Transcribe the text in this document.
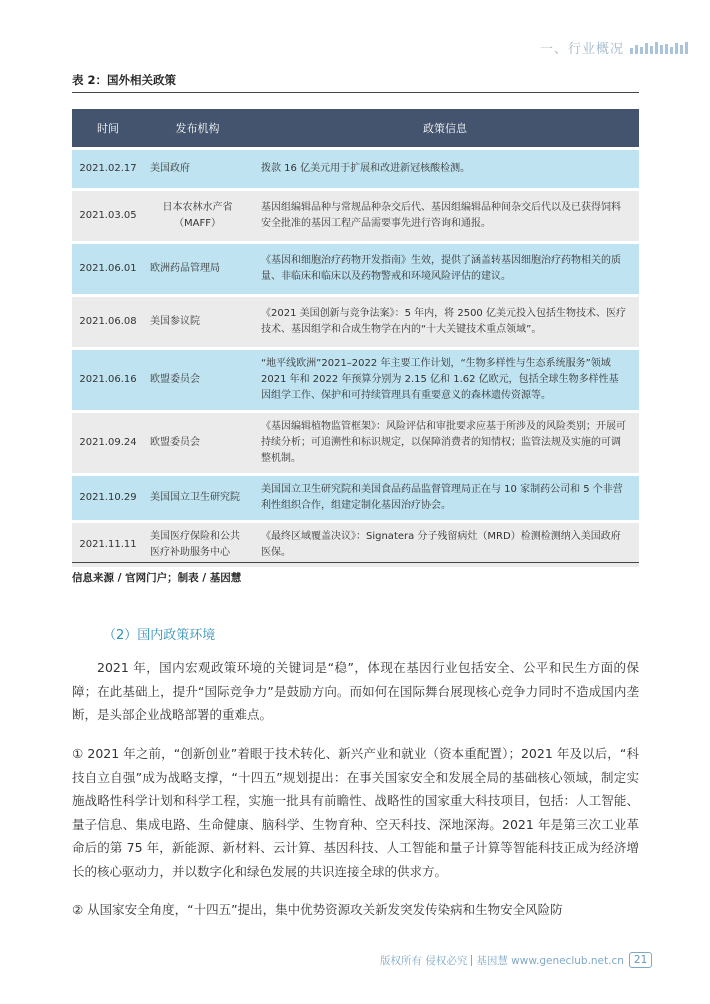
一、行业概况
表 2：国外相关政策
时间	发布机构	政策信息
2021.02.17	美国政府	拨款 16 亿美元用于扩展和改进新冠核酸检测。
2021.03.05	日本农林水产省（MAFF）	基因组编辑品种与常规品种杂交后代、基因组编辑品种间杂交后代以及已获得饲料安全批准的基因工程产品需要事先进行咨询和通报。
2021.06.01	欧洲药品管理局	《基因和细胞治疗药物开发指南》生效，提供了涵盖转基因细胞治疗药物相关的质量、非临床和临床以及药物警戒和环境风险评估的建议。
2021.06.08	美国参议院	《2021 美国创新与竞争法案》：5 年内，将 2500 亿美元投入包括生物技术、医疗技术、基因组学和合成生物学在内的“十大关键技术重点领域”。
2021.06.16	欧盟委员会	“地平线欧洲”2021–2022 年主要工作计划，“生物多样性与生态系统服务”领域 2021 年和 2022 年预算分别为 2.15 亿和 1.62 亿欧元，包括全球生物多样性基因组学工作、保护和可持续管理具有重要意义的森林遗传资源等。
2021.09.24	欧盟委员会	《基因编辑植物监管框架》：风险评估和审批要求应基于所涉及的风险类别；开展可持续分析；可追溯性和标识规定，以保障消费者的知情权；监管法规及实施的可调整机制。
2021.10.29	美国国立卫生研究院	美国国立卫生研究院和美国食品药品监督管理局正在与 10 家制药公司和 5 个非营利性组织合作，组建定制化基因治疗协会。
2021.11.11	美国医疗保险和公共医疗补助服务中心	《最终区域覆盖决议》：Signatera 分子残留病灶（MRD）检测检测纳入美国政府医保。
信息来源 / 官网门户；制表 / 基因慧
（2）国内政策环境

2021 年，国内宏观政策环境的关键词是“稳”，体现在基因行业包括安全、公平和民生方面的保障；在此基础上，提升“国际竞争力”是鼓励方向。而如何在国际舞台展现核心竞争力同时不造成国内垄断，是头部企业战略部署的重难点。

① 2021 年之前，“创新创业”着眼于技术转化、新兴产业和就业（资本重配置）；2021 年及以后，“科技自立自强”成为战略支撑，“十四五”规划提出：在事关国家安全和发展全局的基础核心领域，制定实施战略性科学计划和科学工程，实施一批具有前瞻性、战略性的国家重大科技项目，包括：人工智能、量子信息、集成电路、生命健康、脑科学、生物育种、空天科技、深地深海。2021 年是第三次工业革命后的第 75 年，新能源、新材料、云计算、基因科技、人工智能和量子计算等智能科技正成为经济增长的核心驱动力，并以数字化和绿色发展的共识连接全球的供求方。

② 从国家安全角度，“十四五”提出，集中优势资源攻关新发突发传染病和生物安全风险防

版权所有 侵权必究 基因慧 www.geneclub.net.cn 21
